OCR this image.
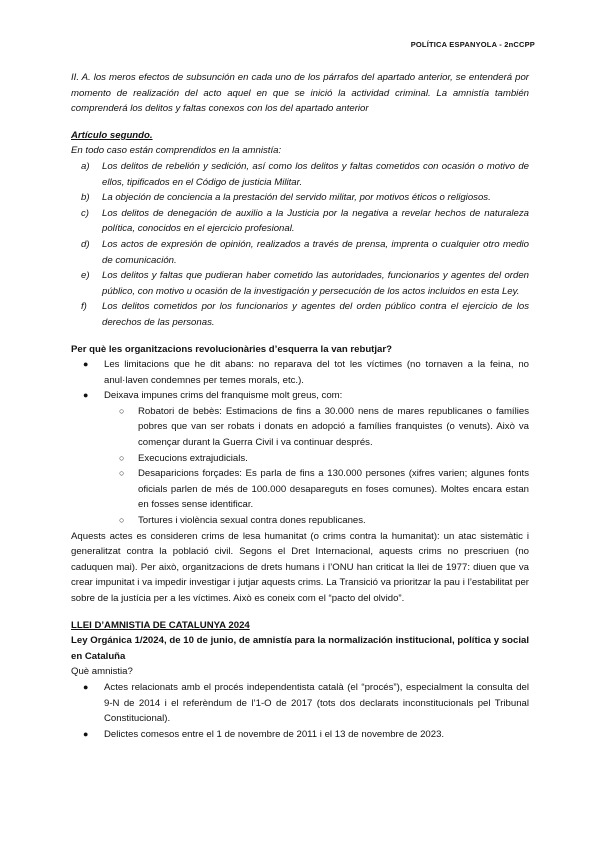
POLÍTICA ESPANYOLA - 2nCCPP

II. A. los meros efectos de subsunción en cada uno de los párrafos del apartado anterior, se entenderá por momento de realización del acto aquel en que se inició la actividad criminal. La amnistía también comprenderá los delitos y faltas conexos con los del apartado anterior

Artículo segundo.

En todo caso están comprendidos en la amnistía:

a) Los delitos de rebelión y sedición, así como los delitos y faltas cometidos con ocasión o motivo de ellos, tipificados en el Código de justicia Militar.
b) La objeción de conciencia a la prestación del servido militar, por motivos éticos o religiosos.
c) Los delitos de denegación de auxilio a la Justicia por la negativa a revelar hechos de naturaleza política, conocidos en el ejercicio profesional.
d) Los actos de expresión de opinión, realizados a través de prensa, imprenta o cualquier otro medio de comunicación.
e) Los delitos y faltas que pudieran haber cometido las autoridades, funcionarios y agentes del orden público, con motivo u ocasión de la investigación y persecución de los actos incluidos en esta Ley.
f) Los delitos cometidos por los funcionarios y agentes del orden público contra el ejercicio de los derechos de las personas.

Per què les organitzacions revolucionàries d’esquerra la van rebutjar?

● Les limitacions que he dit abans: no reparava del tot les víctimes (no tornaven a la feina, no anul·laven condemnes per temes morals, etc.).
● Deixava impunes crims del franquisme molt greus, com:
○ Robatori de bebès: Estimacions de fins a 30.000 nens de mares republicanes o famílies pobres que van ser robats i donats en adopció a famílies franquistes (o venuts). Això va començar durant la Guerra Civil i va continuar després.
○ Execucions extrajudicials.
○ Desaparicions forçades: Es parla de fins a 130.000 persones (xifres varien; algunes fonts oficials parlen de més de 100.000 desapareguts en foses comunes). Moltes encara estan en fosses sense identificar.
○ Tortures i violència sexual contra dones republicanes.

Aquests actes es consideren crims de lesa humanitat (o crims contra la humanitat): un atac sistemàtic i generalitzat contra la població civil. Segons el Dret Internacional, aquests crims no prescriuen (no caduquen mai). Per això, organitzacions de drets humans i l’ONU han criticat la llei de 1977: diuen que va crear impunitat i va impedir investigar i jutjar aquests crims. La Transició va prioritzar la pau i l’estabilitat per sobre de la justícia per a les víctimes. Això es coneix com el “pacto del olvido”.

LLEI D’AMNISTIA DE CATALUNYA 2024

Ley Orgánica 1/2024, de 10 de junio, de amnistía para la normalización institucional, política y social en Cataluña

Què amnistia?

● Actes relacionats amb el procés independentista català (el “procés”), especialment la consulta del 9-N de 2014 i el referèndum de l’1-O de 2017 (tots dos declarats inconstitucionals pel Tribunal Constitucional).
● Delictes comesos entre el 1 de novembre de 2011 i el 13 de novembre de 2023.
